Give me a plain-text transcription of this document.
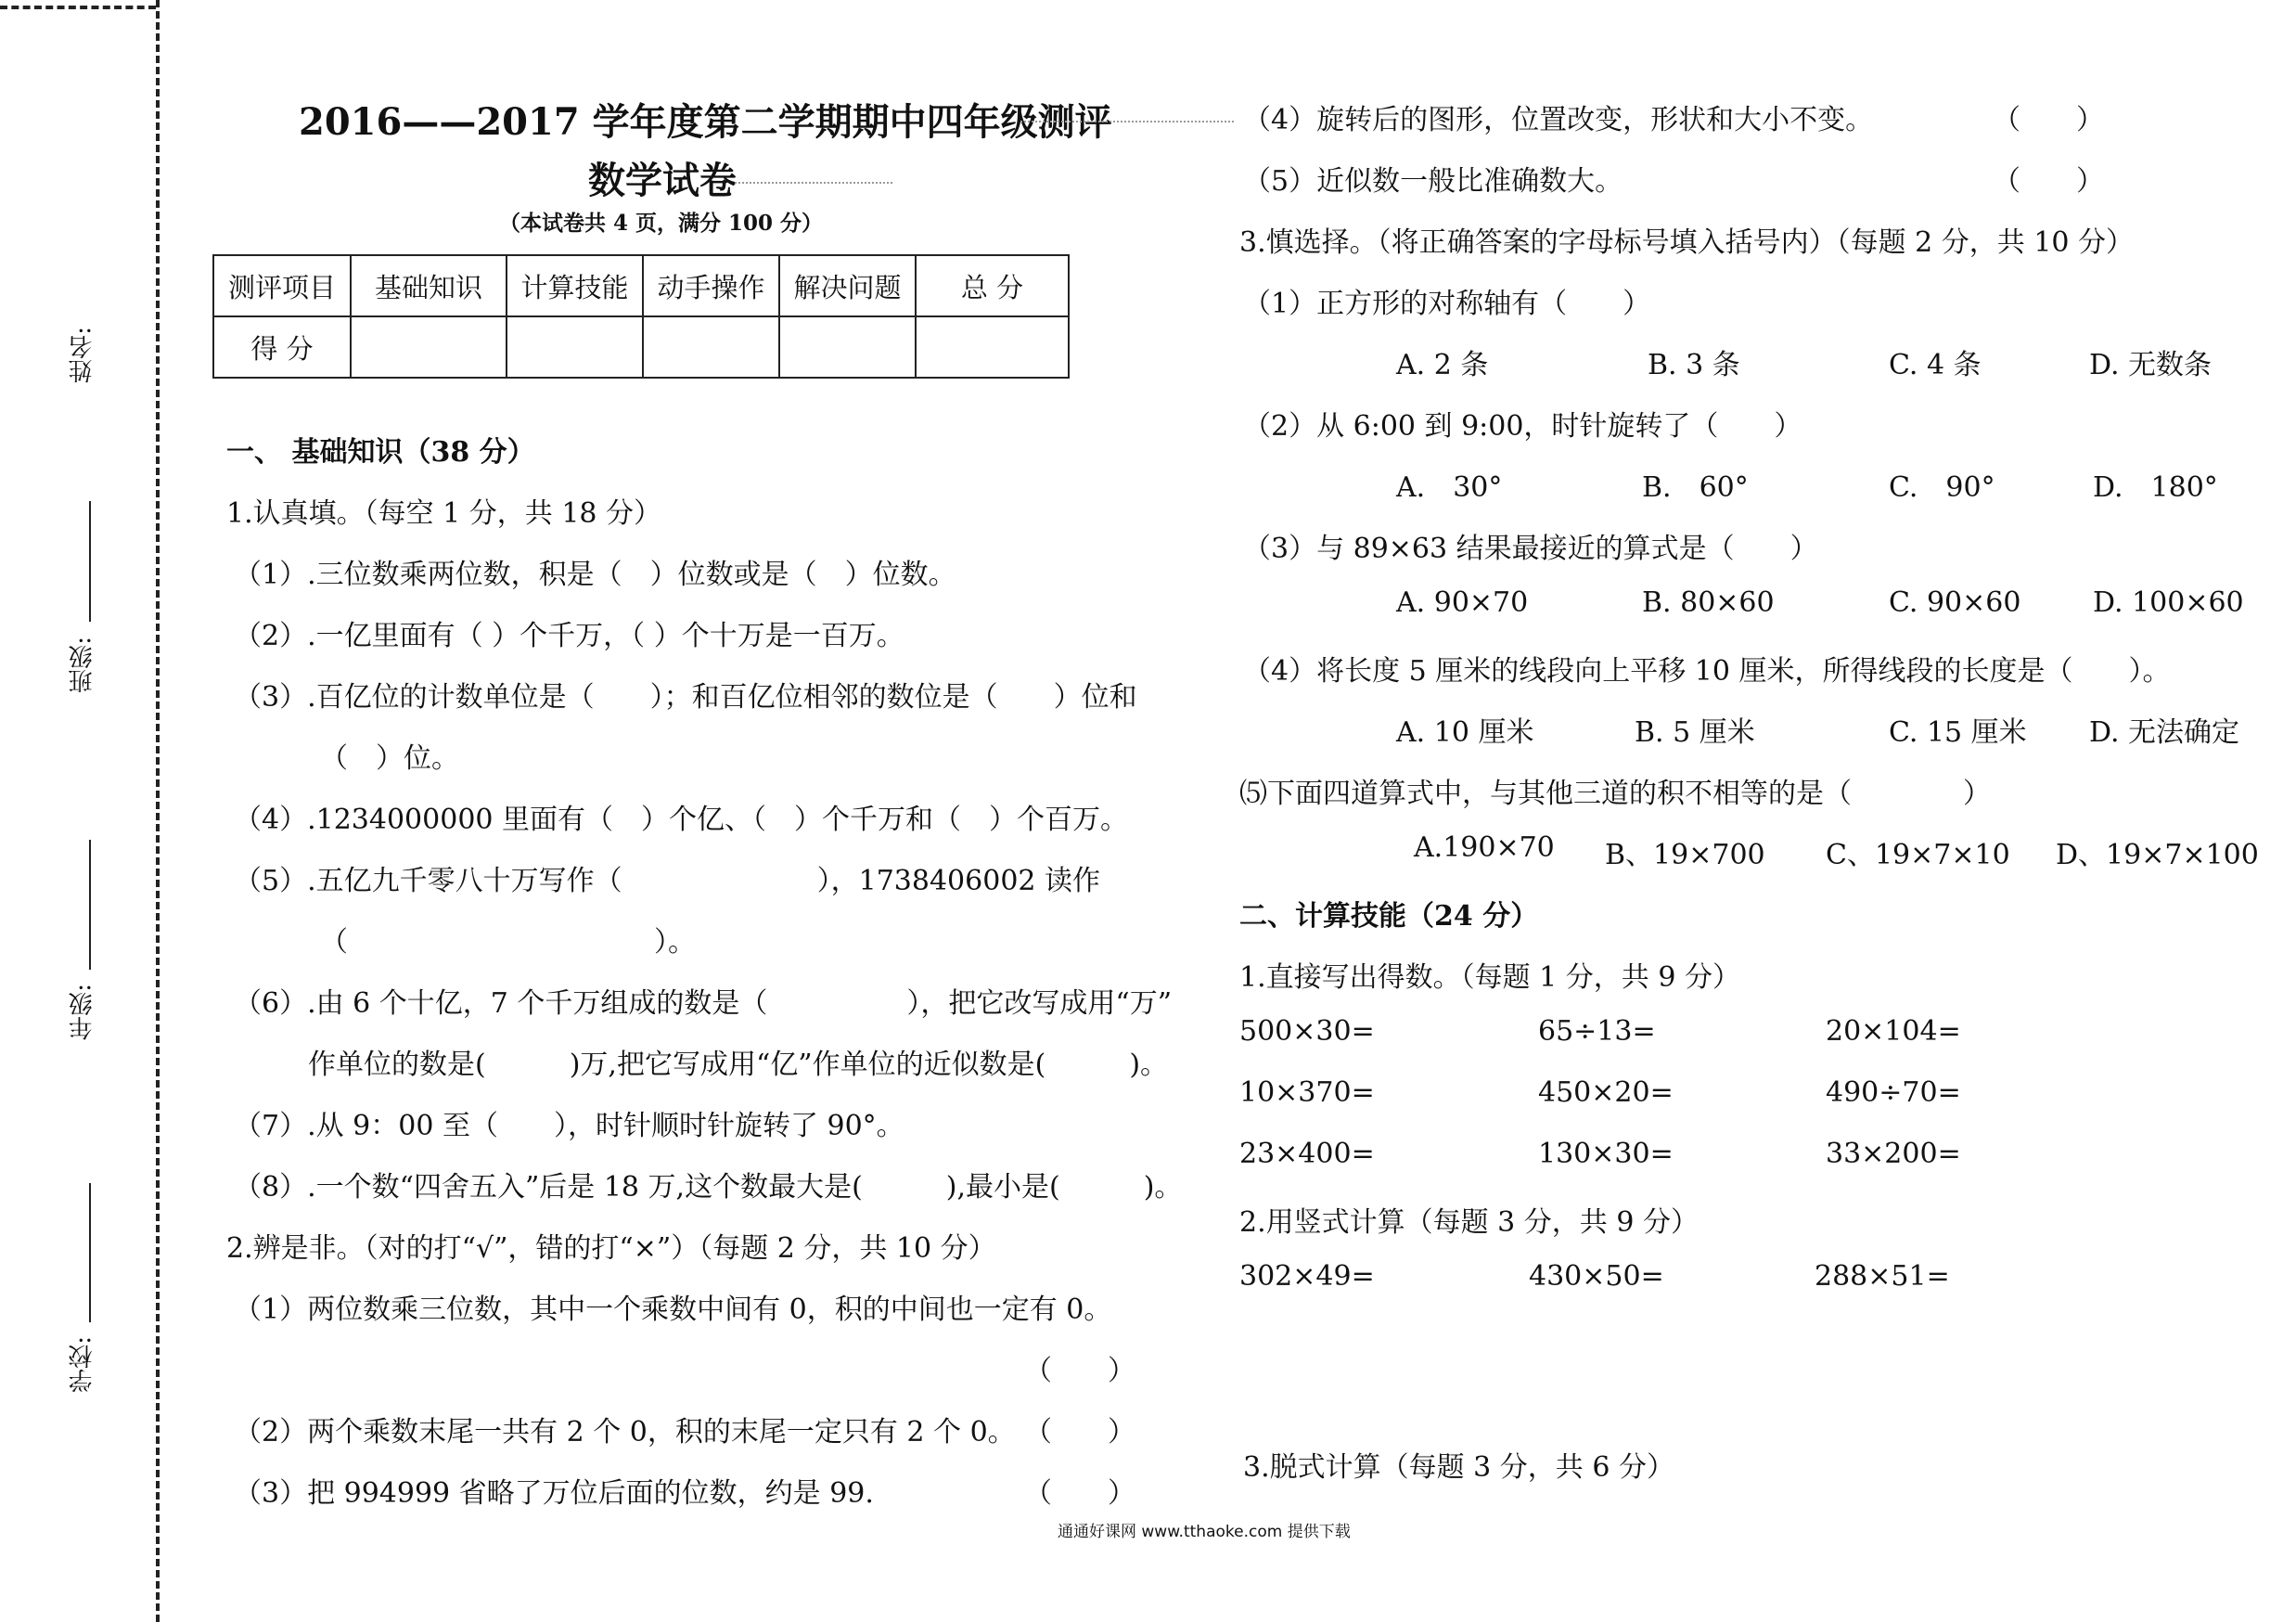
姓名:
班级:
年级:
学校:
2016——2017 学年度第二学期期中四年级测评
数学试卷
（本试卷共 4 页，满分 100 分）
测评项目	基础知识	计算技能	动手操作	解决问题	总 分
得 分					
一、 基础知识（38 分）
1.认真填。（每空 1 分，共 18 分）
（1）.三位数乘两位数，积是（　）位数或是（　）位数。
（2）.一亿里面有（ ）个千万，（ ）个十万是一百万。
（3）.百亿位的计数单位是（　　）；和百亿位相邻的数位是（　　）位和
（　）位。
（4）.1234000000 里面有（　）个亿、（　）个千万和（　）个百万。
（5）.五亿九千零八十万写作（　　　　　　　），1738406002 读作
（　　　　　　　　　　　）。
（6）.由 6 个十亿，7 个千万组成的数是（　　　　　），把它改写成用“万”
作单位的数是(　　　)万,把它写成用“亿”作单位的近似数是(　　　)。
（7）.从 9：00 至（　　），时针顺时针旋转了 90°。
（8）.一个数“四舍五入”后是 18 万,这个数最大是(　　　),最小是(　　　)。
2.辨是非。（对的打“√”，错的打“×”）（每题 2 分，共 10 分）
（1）两位数乘三位数，其中一个乘数中间有 0，积的中间也一定有 0。
（　　）
（2）两个乘数末尾一共有 2 个 0，积的末尾一定只有 2 个 0。 （　　）
（3）把 994999 省略了万位后面的位数，约是 99.	（　　）
（4）旋转后的图形，位置改变，形状和大小不变。	（　　）
（5）近似数一般比准确数大。	（　　）
3.慎选择。（将正确答案的字母标号填入括号内）（每题 2 分，共 10 分）
（1）正方形的对称轴有（　　）
A. 2 条	B. 3 条	C. 4 条	D. 无数条
（2）从 6:00 到 9:00，时针旋转了（　　）
A.　30°	B.　60°	C.　90°	D.　180°
（3）与 89×63 结果最接近的算式是（　　）
A. 90×70	B. 80×60	C. 90×60	D. 100×60
（4）将长度 5 厘米的线段向上平移 10 厘米，所得线段的长度是（　　）。
A. 10 厘米	B. 5 厘米	C. 15 厘米 D. 无法确定
⑸下面四道算式中，与其他三道的积不相等的是（　　　　）
A.190×70 B、19×700 C、19×7×10 D、19×7×100
二、计算技能（24 分）
1.直接写出得数。（每题 1 分，共 9 分）
500×30=	65÷13=	20×104=
10×370=	450×20=	490÷70=
23×400=	130×30=	33×200=
2.用竖式计算（每题 3 分，共 9 分）
302×49=	430×50=	288×51=
3.脱式计算（每题 3 分，共 6 分）
通通好课网 www.tthaoke.com 提供下载
